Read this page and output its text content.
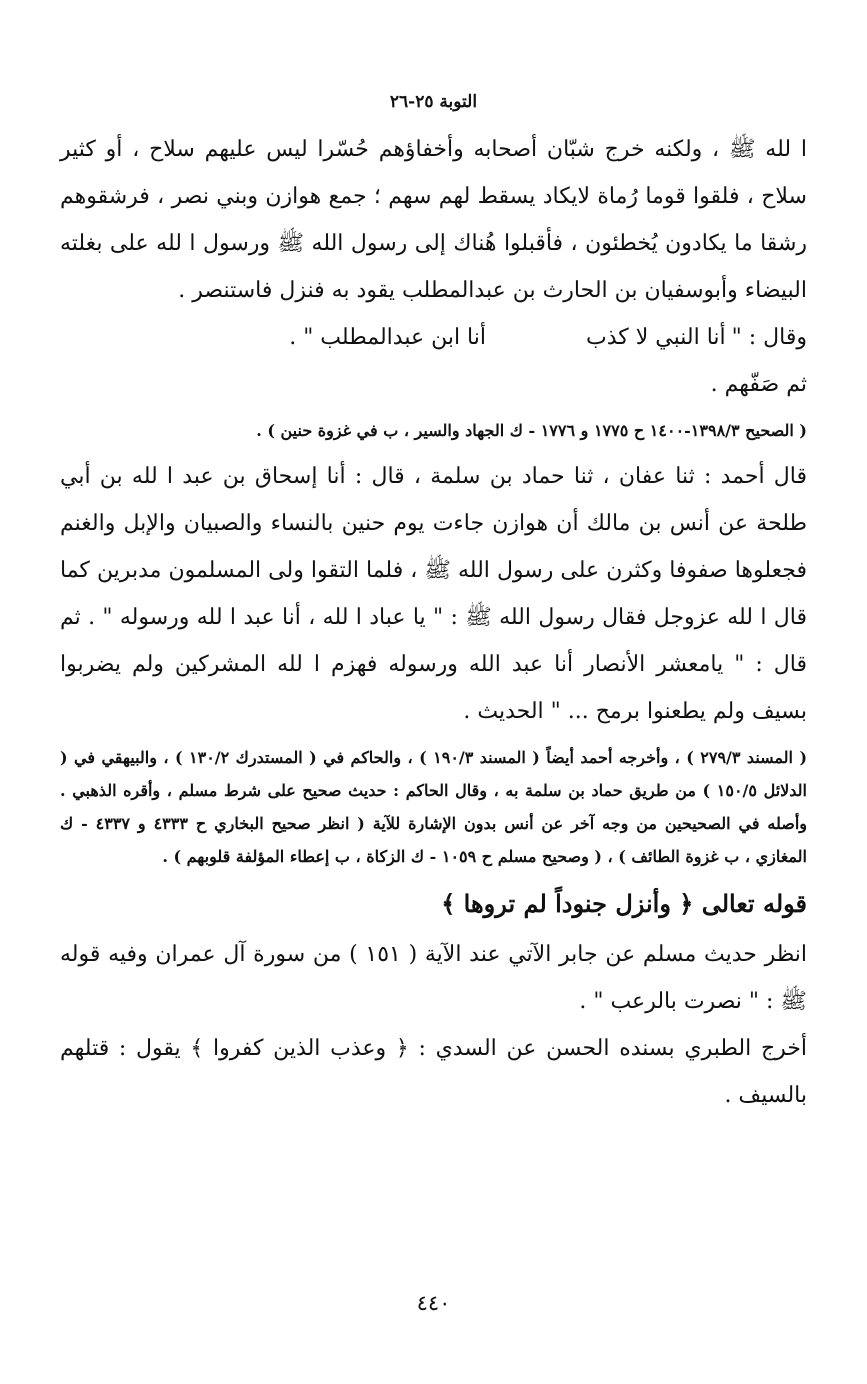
التوبة ٢٥-٢٦

ا لله ﷺ ، ولكنه خرج شبّان أصحابه وأخفاؤهم حُسّرا ليس عليهم سلاح ، أو كثير سلاح ، فلقوا قوما رُماة لايكاد يسقط لهم سهم ؛ جمع هوازن وبني نصر ، فرشقوهم رشقا ما يكادون يُخطئون ، فأقبلوا هُناك إلى رسول الله ﷺ ورسول ا لله على بغلته البيضاء وأبوسفيان بن الحارث بن عبدالمطلب يقود به فنزل فاستنصر .

وقال : "
أنا النبي لا كذب
أنا ابن عبدالمطلب " .

ثم صَفّهم .

( الصحيح ١٣٩٨/٣-١٤٠٠ ح ١٧٧٥ و ١٧٧٦ - ك الجهاد والسير ، ب في غزوة حنين ) .

قال أحمد : ثنا عفان ، ثنا حماد بن سلمة ، قال : أنا إسحاق بن عبد ا لله بن أبي طلحة عن أنس بن مالك أن هوازن جاءت يوم حنين بالنساء والصبيان والإبل والغنم فجعلوها صفوفا وكثرن على رسول الله ﷺ ، فلما التقوا ولى المسلمون مدبرين كما قال ا لله عزوجل فقال رسول الله ﷺ : " يا عباد ا لله ، أنا عبد ا لله ورسوله " . ثم قال : " يامعشر الأنصار أنا عبد الله ورسوله فهزم ا لله المشركين ولم يضربوا بسيف ولم يطعنوا برمح ... " الحديث .

( المسند ٢٧٩/٣ ) ، وأخرجه أحمد أيضاً ( المسند ١٩٠/٣ ) ، والحاكم في ( المستدرك ١٣٠/٢ ) ، والبيهقي في ( الدلائل ١٥٠/٥ ) من طريق حماد بن سلمة به ، وقال الحاكم : حديث صحيح على شرط مسلم ، وأقره الذهبي . وأصله في الصحيحين من وجه آخر عن أنس بدون الإشارة للآية ( انظر صحيح البخاري ح ٤٣٣٣ و ٤٣٣٧ - ك المغازي ، ب غزوة الطائف ) ، ( وصحيح مسلم ح ١٠٥٩ - ك الزكاة ، ب إعطاء المؤلفة قلوبهم ) .

قوله تعالى ﴿ وأنزل جنوداً لم تروها ﴾

انظر حديث مسلم عن جابر الآتي عند الآية ( ١٥١ ) من سورة آل عمران وفيه قوله ﷺ : " نصرت بالرعب " .

أخرج الطبري بسنده الحسن عن السدي : ﴿ وعذب الذين كفروا ﴾ يقول : قتلهم بالسيف .

٤٤٠
